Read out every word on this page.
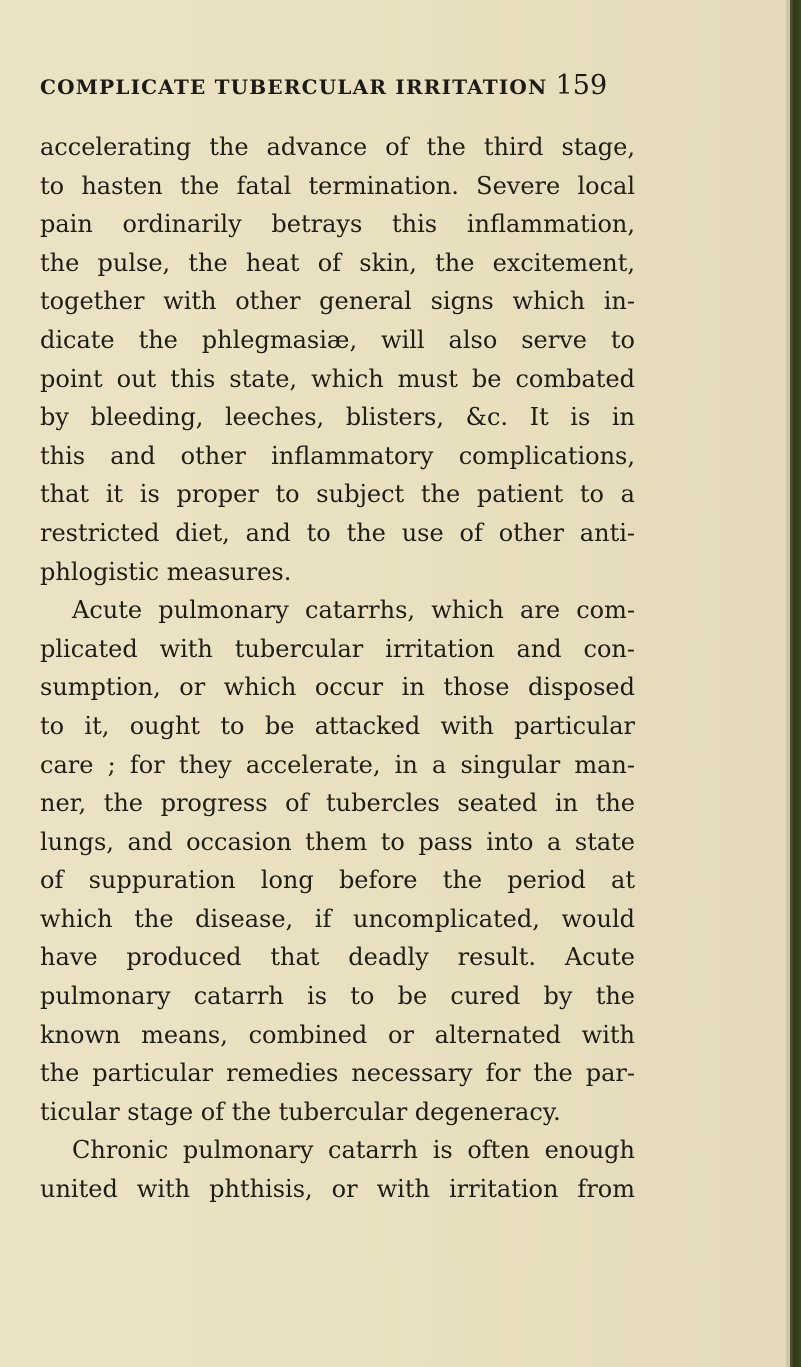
COMPLICATE TUBERCULAR IRRITATION 159
accelerating the advance of the third stage,
to hasten the fatal termination. Severe local
pain ordinarily betrays this inflammation,
the pulse, the heat of skin, the excitement,
together with other general signs which in-
dicate the phlegmasiæ, will also serve to
point out this state, which must be combated
by bleeding, leeches, blisters, &c. It is in
this and other inflammatory complications,
that it is proper to subject the patient to a
restricted diet, and to the use of other anti-
phlogistic measures.
Acute pulmonary catarrhs, which are com-
plicated with tubercular irritation and con-
sumption, or which occur in those disposed
to it, ought to be attacked with particular
care ; for they accelerate, in a singular man-
ner, the progress of tubercles seated in the
lungs, and occasion them to pass into a state
of suppuration long before the period at
which the disease, if uncomplicated, would
have produced that deadly result. Acute
pulmonary catarrh is to be cured by the
known means, combined or alternated with
the particular remedies necessary for the par-
ticular stage of the tubercular degeneracy.
Chronic pulmonary catarrh is often enough
united with phthisis, or with irritation from
